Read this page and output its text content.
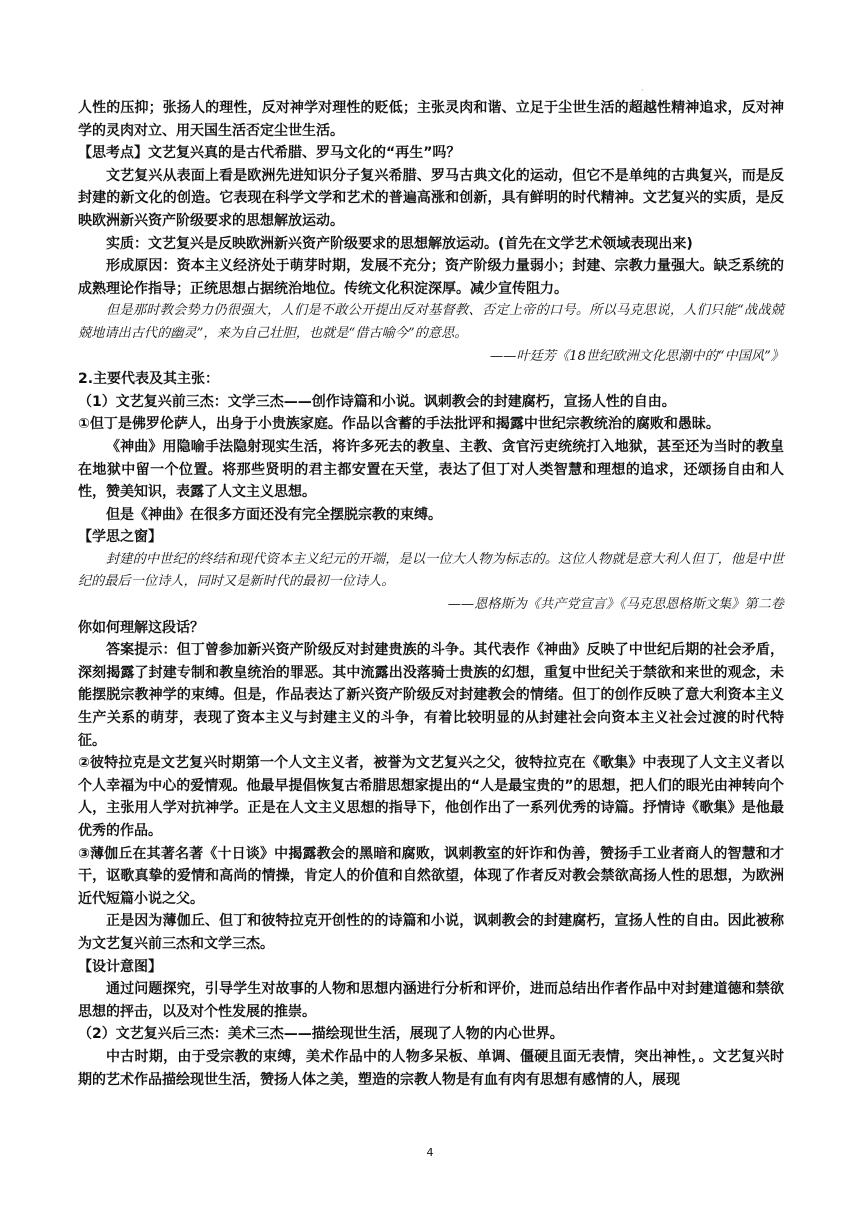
·

人性的压抑；张扬人的理性，反对神学对理性的贬低；主张灵肉和谐、立足于尘世生活的超越性精神追求，反对神学的灵肉对立、用天国生活否定尘世生活。

【思考点】文艺复兴真的是古代希腊、罗马文化的“再生”吗？

文艺复兴从表面上看是欧洲先进知识分子复兴希腊、罗马古典文化的运动，但它不是单纯的古典复兴，而是反封建的新文化的创造。它表现在科学文学和艺术的普遍高涨和创新，具有鲜明的时代精神。文艺复兴的实质，是反映欧洲新兴资产阶级要求的思想解放运动。

实质：文艺复兴是反映欧洲新兴资产阶级要求的思想解放运动。(首先在文学艺术领域表现出来)

形成原因：资本主义经济处于萌芽时期，发展不充分；资产阶级力量弱小；封建、宗教力量强大。缺乏系统的成熟理论作指导；正统思想占据统治地位。传统文化积淀深厚。减少宣传阻力。

但是那时教会势力仍很强大，人们是不敢公开提出反对基督教、否定上帝的口号。所以马克思说，人们只能“战战兢兢地请出古代的幽灵”，来为自己壮胆，也就是“借古喻今”的意思。

——叶廷芳《18世纪欧洲文化思潮中的“中国风”》

2.主要代表及其主张：

（1）文艺复兴前三杰：文学三杰——创作诗篇和小说。讽刺教会的封建腐朽，宣扬人性的自由。

①但丁是佛罗伦萨人，出身于小贵族家庭。作品以含蓄的手法批评和揭露中世纪宗教统治的腐败和愚昧。

《神曲》用隐喻手法隐射现实生活，将许多死去的教皇、主教、贪官污吏统统打入地狱，甚至还为当时的教皇在地狱中留一个位置。将那些贤明的君主都安置在天堂，表达了但丁对人类智慧和理想的追求，还颂扬自由和人性，赞美知识，表露了人文主义思想。

但是《神曲》在很多方面还没有完全摆脱宗教的束缚。

【学思之窗】

封建的中世纪的终结和现代资本主义纪元的开端，是以一位大人物为标志的。这位人物就是意大利人但丁，他是中世纪的最后一位诗人，同时又是新时代的最初一位诗人。

——恩格斯为《共产党宣言》《马克思恩格斯文集》第二卷

你如何理解这段话？

答案提示：但丁曾参加新兴资产阶级反对封建贵族的斗争。其代表作《神曲》反映了中世纪后期的社会矛盾，深刻揭露了封建专制和教皇统治的罪恶。其中流露出没落骑士贵族的幻想，重复中世纪关于禁欲和来世的观念，未能摆脱宗教神学的束缚。但是，作品表达了新兴资产阶级反对封建教会的情绪。但丁的创作反映了意大利资本主义生产关系的萌芽，表现了资本主义与封建主义的斗争，有着比较明显的从封建社会向资本主义社会过渡的时代特征。

②彼特拉克是文艺复兴时期第一个人文主义者，被誉为文艺复兴之父，彼特拉克在《歌集》中表现了人文主义者以个人幸福为中心的爱情观。他最早提倡恢复古希腊思想家提出的“人是最宝贵的”的思想，把人们的眼光由神转向个人，主张用人学对抗神学。正是在人文主义思想的指导下，他创作出了一系列优秀的诗篇。抒情诗《歌集》是他最优秀的作品。

③薄伽丘在其著名著《十日谈》中揭露教会的黑暗和腐败，讽刺教室的奸诈和伪善，赞扬手工业者商人的智慧和才干，讴歌真挚的爱情和高尚的情操，肯定人的价值和自然欲望，体现了作者反对教会禁欲高扬人性的思想，为欧洲近代短篇小说之父。

正是因为薄伽丘、但丁和彼特拉克开创性的的诗篇和小说，讽刺教会的封建腐朽，宣扬人性的自由。因此被称为文艺复兴前三杰和文学三杰。

【设计意图】

通过问题探究，引导学生对故事的人物和思想内涵进行分析和评价，进而总结出作者作品中对封建道德和禁欲思想的抨击，以及对个性发展的推崇。

（2）文艺复兴后三杰：美术三杰——描绘现世生活，展现了人物的内心世界。

中古时期，由于受宗教的束缚，美术作品中的人物多呆板、单调、僵硬且面无表情，突出神性，。文艺复兴时期的艺术作品描绘现世生活，赞扬人体之美，塑造的宗教人物是有血有肉有思想有感情的人，展现

4
